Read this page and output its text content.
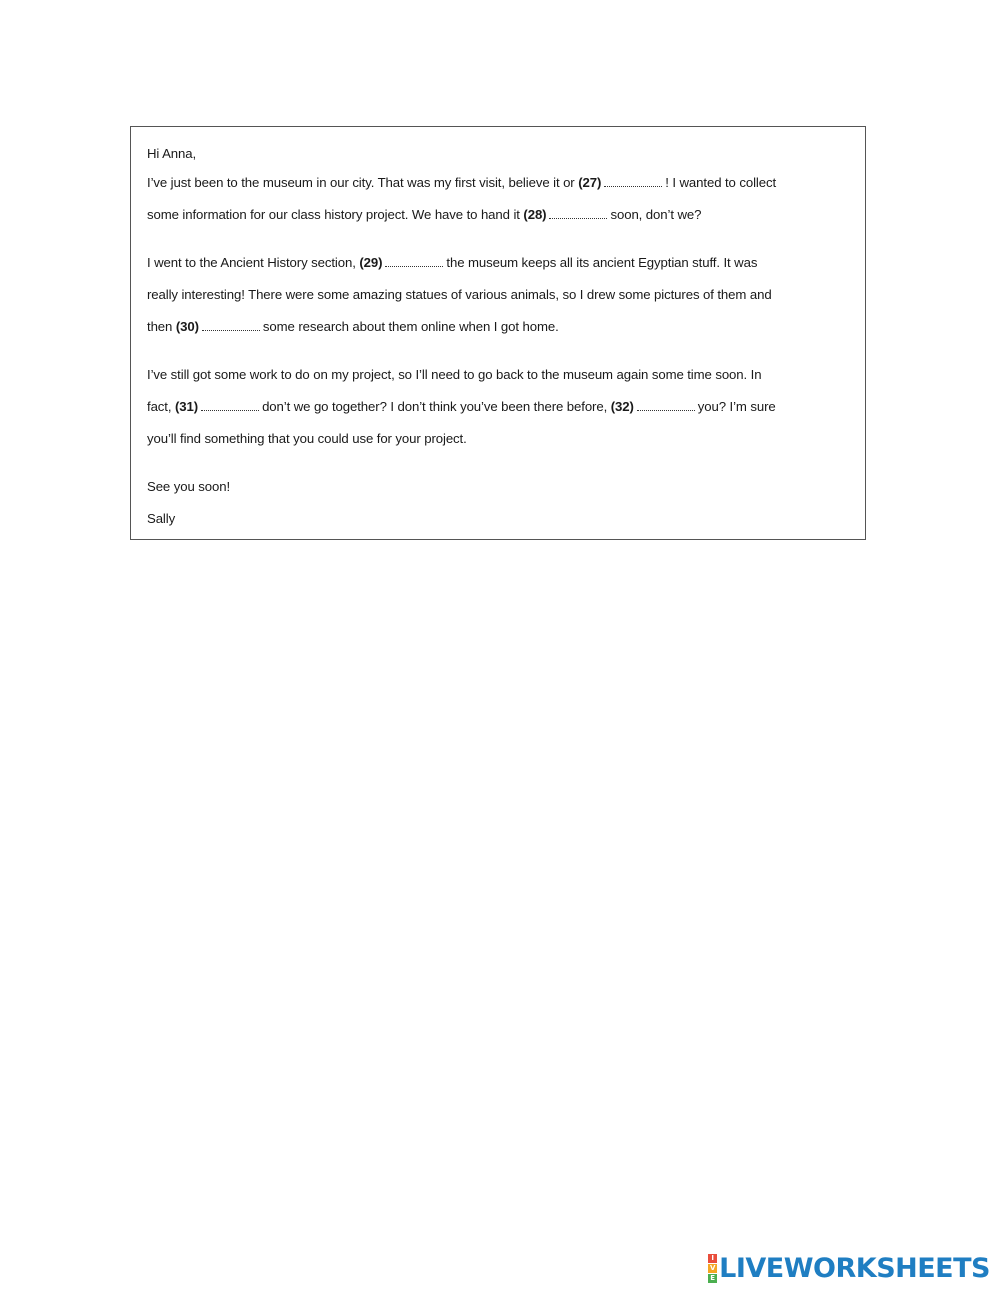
Hi Anna,
I’ve just been to the museum in our city. That was my first visit, believe it or (27)	! I wanted to collect
some information for our class history project. We have to hand it (28)	soon, don’t we?
I went to the Ancient History section, (29)	the museum keeps all its ancient Egyptian stuff. It was
really interesting! There were some amazing statues of various animals, so I drew some pictures of them and
then (30)	some research about them online when I got home.
I’ve still got some work to do on my project, so I’ll need to go back to the museum again some time soon. In
fact, (31)	don’t we go together? I don’t think you’ve been there before, (32)	you? I’m sure
you’ll find something that you could use for your project.
See you soon!
Sally
I
V
E LIVEWORKSHEETS
